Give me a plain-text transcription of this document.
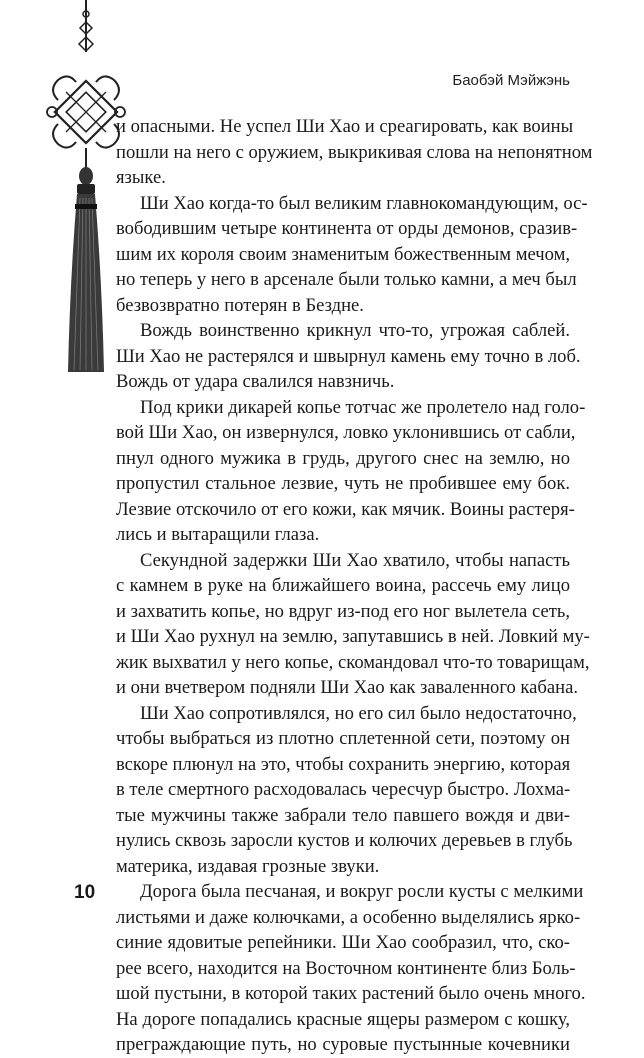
Баобэй Мэйжэнь

и опасными. Не успел Ши Хао и среагировать, как воины

пошли на него с оружием, выкрикивая слова на непонятном

языке.

Ши Хао когда-то был великим главнокомандующим, ос-

вободившим четыре континента от орды демонов, сразив-

шим их короля своим знаменитым божественным мечом,

но теперь у него в арсенале были только камни, а меч был

безвозвратно потерян в Бездне.

Вождь воинственно крикнул что-то, угрожая саблей.

Ши Хао не растерялся и швырнул камень ему точно в лоб.

Вождь от удара свалился навзничь.

Под крики дикарей копье тотчас же пролетело над голо-

вой Ши Хао, он извернулся, ловко уклонившись от сабли,

пнул одного мужика в грудь, другого снес на землю, но

пропустил стальное лезвие, чуть не пробившее ему бок.

Лезвие отскочило от его кожи, как мячик. Воины растеря-

лись и вытаращили глаза.

Секундной задержки Ши Хао хватило, чтобы напасть

с камнем в руке на ближайшего воина, рассечь ему лицо

и захватить копье, но вдруг из-под его ног вылетела сеть,

и Ши Хао рухнул на землю, запутавшись в ней. Ловкий му-

жик выхватил у него копье, скомандовал что-то товарищам,

и они вчетвером подняли Ши Хао как заваленного кабана.

Ши Хао сопротивлялся, но его сил было недостаточно,

чтобы выбраться из плотно сплетенной сети, поэтому он

вскоре плюнул на это, чтобы сохранить энергию, которая

в теле смертного расходовалась чересчур быстро. Лохма-

тые мужчины также забрали тело павшего вождя и дви-

нулись сквозь заросли кустов и колючих деревьев в глубь

материка, издавая грозные звуки.

Дорога была песчаная, и вокруг росли кусты с мелкими

листьями и даже колючками, а особенно выделялись ярко-

синие ядовитые репейники. Ши Хао сообразил, что, ско-

рее всего, находится на Восточном континенте близ Боль-

шой пустыни, в которой таких растений было очень много.

На дороге попадались красные ящеры размером с кошку,

преграждающие путь, но суровые пустынные кочевники

10
